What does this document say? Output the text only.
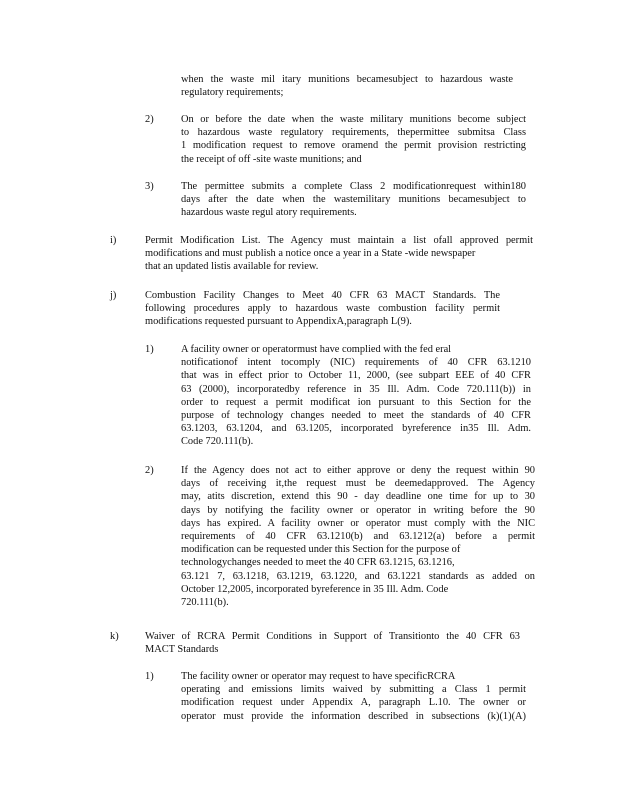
when the waste mil itary munitions becamesubject to hazardous waste
regulatory requirements;
2)	On or before the date when the waste military munitions become subject
to hazardous waste regulatory requirements, thepermittee submitsa Class
1 modification request to remove oramend the permit provision restricting
the receipt of off -site waste munitions; and
3)	The permittee submits a complete Class 2 modificationrequest within180
days after the date when the wastemilitary munitions becamesubject to
hazardous waste regul atory requirements.
i)	Permit Modification List. The Agency must maintain a list ofall approved permit
modifications and must publish a notice once a year in a State -wide newspaper
that an updated listis available for review.
j)	Combustion Facility Changes to Meet 40 CFR 63 MACT Standards. The
following procedures apply to hazardous waste combustion facility permit
modifications requested pursuant to AppendixA,paragraph L(9).
1)	A facility owner or operatormust have complied with the fed eral
notificationof intent tocomply (NIC) requirements of 40 CFR 63.1210
that was in effect prior to October 11, 2000, (see subpart EEE of 40 CFR
63 (2000), incorporatedby reference in 35 Ill. Adm. Code 720.111(b)) in
order to request a permit modificat ion pursuant to this Section for the
purpose of technology changes needed to meet the standards of 40 CFR
63.1203, 63.1204, and 63.1205, incorporated byreference in35 Ill. Adm.
Code 720.111(b).
2)	If the Agency does not act to either approve or deny the request within 90
days of receiving it,the request must be deemedapproved. The Agency
may, atits discretion, extend this 90 - day deadline one time for up to 30
days by notifying the facility owner or operator in writing before the 90
days has expired. A facility owner or operator must comply with the NIC
requirements of 40 CFR 63.1210(b) and 63.1212(a) before a permit
modification can be requested under this Section for the purpose of
technologychanges needed to meet the 40 CFR 63.1215, 63.1216,
63.121 7, 63.1218, 63.1219, 63.1220, and 63.1221 standards as added on
October 12,2005, incorporated byreference in 35 Ill. Adm. Code
720.111(b).
k)	Waiver of RCRA Permit Conditions in Support of Transitionto the 40 CFR 63
MACT Standards
1)	The facility owner or operator may request to have specificRCRA
operating and emissions limits waived by submitting a Class 1 permit
modification request under Appendix A, paragraph L.10. The owner or
operator must provide the information described in subsections (k)(1)(A)
